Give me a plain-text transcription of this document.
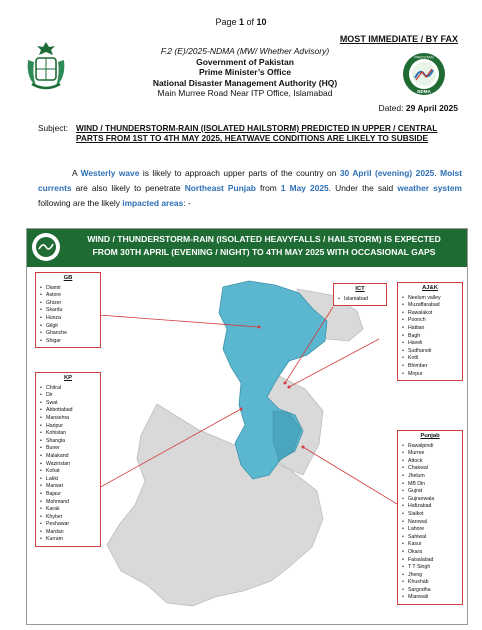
Page 1 of 10
MOST IMMEDIATE / BY FAX
F.2 (E)/2025-NDMA (MW/ Whether Advisory)
Government of Pakistan
Prime Minister’s Office
National Disaster Management Authority (HQ)
Main Murree Road Near ITP Office, Islamabad
PAKISTAN
NDMA
Dated: 29 April 2025
Subject: WIND / THUNDERSTORM-RAIN (ISOLATED HAILSTORM) PREDICTED IN UPPER / CENTRAL PARTS FROM 1ST TO 4TH MAY 2025, HEATWAVE CONDITIONS ARE LIKELY TO SUBSIDE
A Westerly wave is likely to approach upper parts of the country on 30 April (evening) 2025. Moist currents are also likely to penetrate Northeast Punjab from 1 May 2025. Under the said weather system following are the likely impacted areas: -
WIND / THUNDERSTORM-RAIN (ISOLATED HEAVYFALLS / HAILSTORM) IS EXPECTED
FROM 30TH APRIL (EVENING / NIGHT) TO 4TH MAY 2025 WITH OCCASIONAL GAPS
GB
• Diamir
• Astore
• Ghizer
• Skardu
• Hunza
• Gilgit
• Ghanche
• Shigar
KP
• Chitral
• Dir
• Swat
• Abbottabad
• Mansehra
• Haripur
• Kohistan
• Shangla
• Buner
• Malakand
• Waziristan
• Kohat
• Lakki
• Marwat
• Bajaur
• Mohmand
• Karak
• Khyber
• Peshawar
• Mardan
• Kurram
ICT
• Islamabad
AJ&K
• Neelum valley
• Muzaffarabad
• Rawalakot
• Poonch
• Hattian
• Bagh
• Haveli
• Sudhanoti
• Kotli
• Bhimber
• Mirpur
Punjab
• Rawalpindi
• Murree
• Attock
• Chakwal
• Jhelum
• MB Din
• Gujrat
• Gujranwala
• Hafizabad
• Sialkot
• Narowal
• Lahore
• Sahiwal
• Kasur
• Okara
• Faisalabad
• T T Singh
• Jheng
• Khushab
• Sargodha
• Mianwali
